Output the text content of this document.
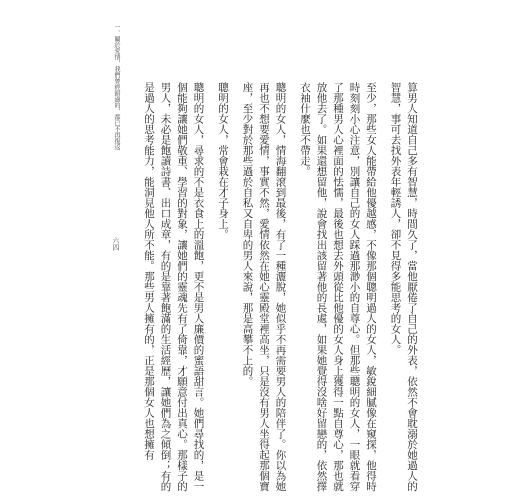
一、關於愛情，我們曾經錯過的，都已不再復返	算男人知道自己多有智慧，時間久了，當他厭倦了自己的外表，依然不會耽溺於她過人的智慧，事可去找外表年輕誘人，卻不見得多能思考的女人。

至少，那些女人能帶給他優越感，不像那個聰明過人的女人，敏銳細膩像在窺探，他得時時刻刻小心注意，別讓自己的女人踩過那渺小的自尊心。但那些聰明的女人，一眼就看穿了那種男人心裡面的怯懦，最後也想去外頭從比他優的女人身上獲得一點自尊心，那也就放他去了。如果還想留他，說會找出該留著他的長處，如果她覺得沒啥好留戀的，依然擇衣袖什麼也不帶走。

聰明的女人，情海翻滾到最後，有了一種灑脫，她似乎不再需要男人的陪伴了。你以為她再也不想要愛情，事實不然，愛情依然在她心靈殿堂裡高坐，只是沒有男人坐得起那個寶座，至少對於那些過於自私又自卑的男人來說，那是高攀不上的。

聰明的女人，常會栽在才子身上。

聰明的女人，尋求的不是衣食上的溫飽，更不是男人廉價的蜜語甜言。她們尋找的，是一個能夠讓她們敬重、學習的對象，讓她們的靈魂先有了倚靠，才願意付出真心。那樣子的男人，未必是飽讀詩書、出口成章，有的是靠著飽滿的生活經歷，讓她們為之傾倒；有的是過人的思考能力，能洞見他人所不能。那些男人擁有的，正是那個女人也想擁有

六四
